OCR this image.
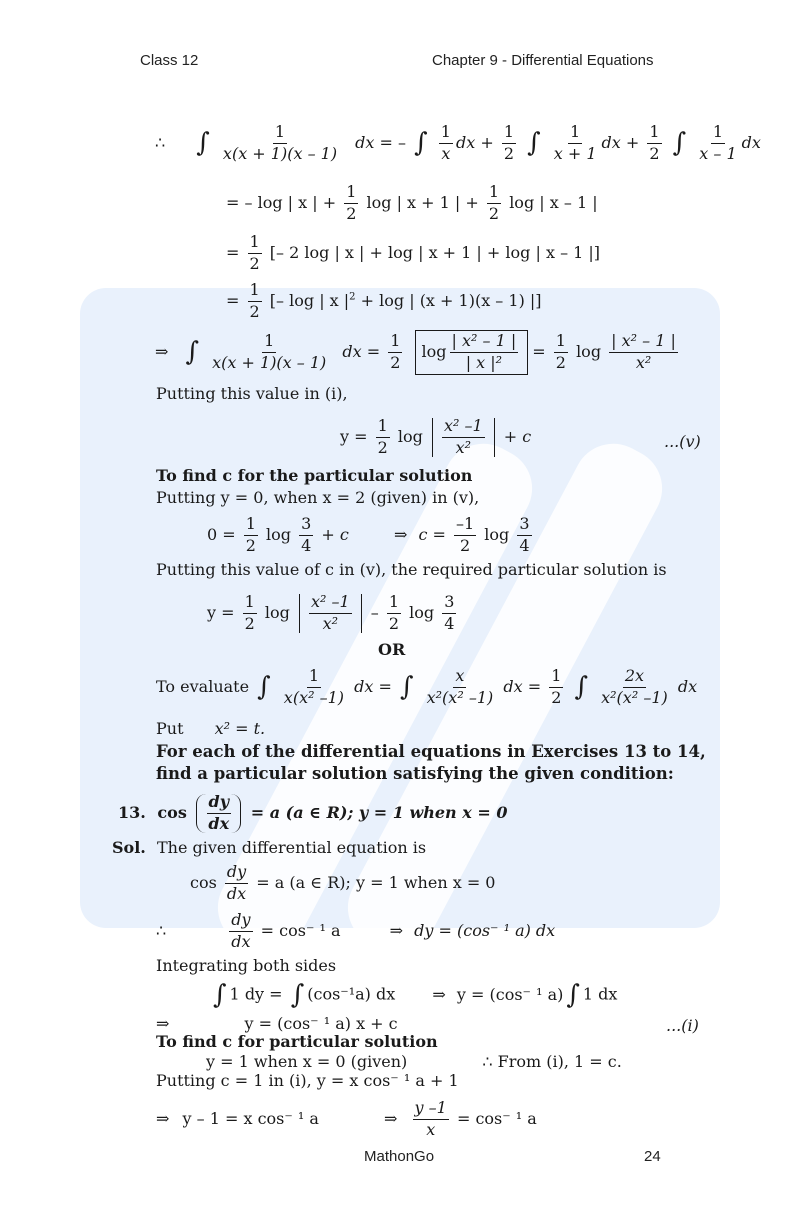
Class 12	Chapter 9 - Differential Equations
∴ ∫ $\frac{1}{x(x + 1)(x - 1)}$ dx = – ∫ $\frac{1}{x}$ dx + $\frac{1}{2}$ ∫ $\frac{1}{x + 1}$ dx + $\frac{1}{2}$ ∫ $\frac{1}{x - 1}$ dx
= – log | x | + $\frac{1}{2}$ log | x + 1 | + $\frac{1}{2}$ log | x – 1 |
= $\frac{1}{2}$ [– 2 log | x | + log | x + 1 | + log | x – 1 |]
= $\frac{1}{2}$ [– log | x $|^2 + \log$ | (x + 1)(x – 1) |]
⇒ ∫ $\frac{1}{x(x + 1)(x - 1)}$ dx = $\frac{1}{2}$
$\log \frac{\text{| x² – 1 |}}{\text{| x |²}} = \frac{1}{2}$ $\log \frac{\text{| x² – 1 |}}{\text{x²}}$
Putting this value in (i),
$y = \frac{1}{2}$ $\log \frac{\text{x² –1}}{\text{x²}} + c$	...(v)
To find c for the particular solution
Putting y = 0, when x = 2 (given) in (v),
$0 = \frac{1}{2}$ $\log \frac{3}{4} + c$	⇒ $c = \frac{-1}{2}$ $\log \frac{3}{4}$
Putting this value of c in (v), the required particular solution is
$y = \frac{1}{2}$ $\log \frac{\text{x² –1}}{\text{x²}} - \frac{1}{2}$ $\log \frac{3}{4}$
OR
To evaluate ∫ $\frac{1}{\text{x(x² –1)}}$ dx = ∫ $\frac{x}{\text{x²(x² –1)}}$ dx = $\frac{1}{2}$ ∫ $\frac{2x}{\text{x²(x² –1)}}$ dx
Put x² = t.
For each of the differential equations in Exercises 13 to 14,
find a particular solution satisfying the given condition:
13. $\cos \frac{dy}{dx} = a$ (a ∈ R); y = 1 when x = 0
Sol. The given differential equation is
$\cos \frac{dy}{dx} = a$ (a ∈ R); y = 1 when x = 0
∴	$\frac{dy}{dx} = \cos^-$ ¹ a	⇒ dy = (cos⁻ ¹ a) dx
Integrating both sides
∫ 1 dy = ∫ (cos⁻¹a) dx ⇒ y = (cos⁻ ¹ a) ∫ 1 dx
⇒	y = (cos⁻ ¹ a) x + c	...(i)
To find c for particular solution
y = 1 when x = 0 (given)	∴ From (i), 1 = c.
Putting c = 1 in (i), y = x cos⁻ ¹ a + 1
⇒ y – 1 = x cos⁻ ¹ a	⇒ $\frac{y -1}{x} = \cos^-$ ¹ a
MathonGo	24
